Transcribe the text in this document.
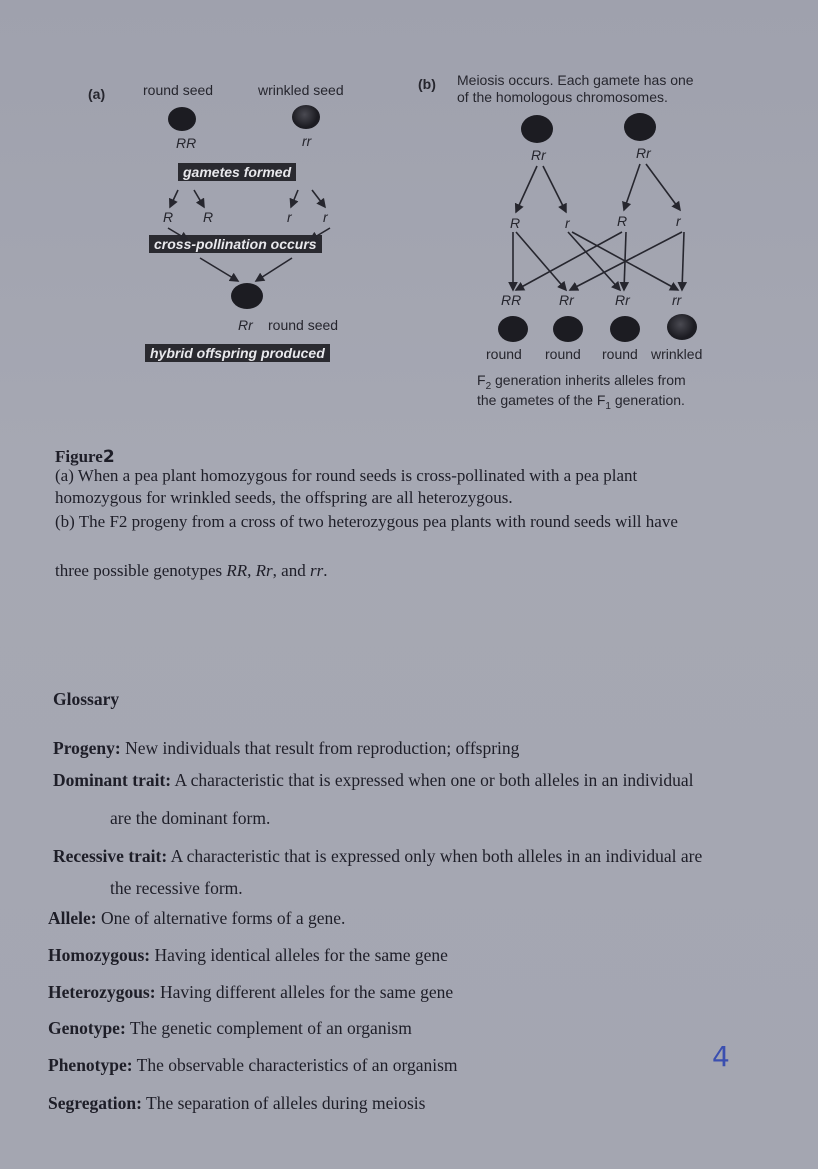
(a)	round seed	wrinkled seed
RR	rr
gametes formed
R R	r r
cross-pollination occurs
Rr round seed
hybrid offspring produced
(b) Meiosis occurs. Each gamete has one
of the homologous chromosomes.
Rr	Rr
R	r	R	r
RR	Rr	Rr	rr
round round round wrinkled
$F_2$ generation inherits alleles from
the gametes of the $F_1$ generation.
Figure2
(a) When a pea plant homozygous for round seeds is cross-pollinated with a pea plant
homozygous for wrinkled seeds, the offspring are all heterozygous.
(b) The F2 progeny from a cross of two heterozygous pea plants with round seeds will have
three possible genotypes RR, Rr, and rr.
Glossary
Progeny: New individuals that result from reproduction; offspring
Dominant trait: A characteristic that is expressed when one or both alleles in an individual
are the dominant form.
Recessive trait: A characteristic that is expressed only when both alleles in an individual are
the recessive form.
Allele: One of alternative forms of a gene.
Homozygous: Having identical alleles for the same gene
Heterozygous: Having different alleles for the same gene
Genotype: The genetic complement of an organism
Phenotype: The observable characteristics of an organism
Segregation: The separation of alleles during meiosis
4
